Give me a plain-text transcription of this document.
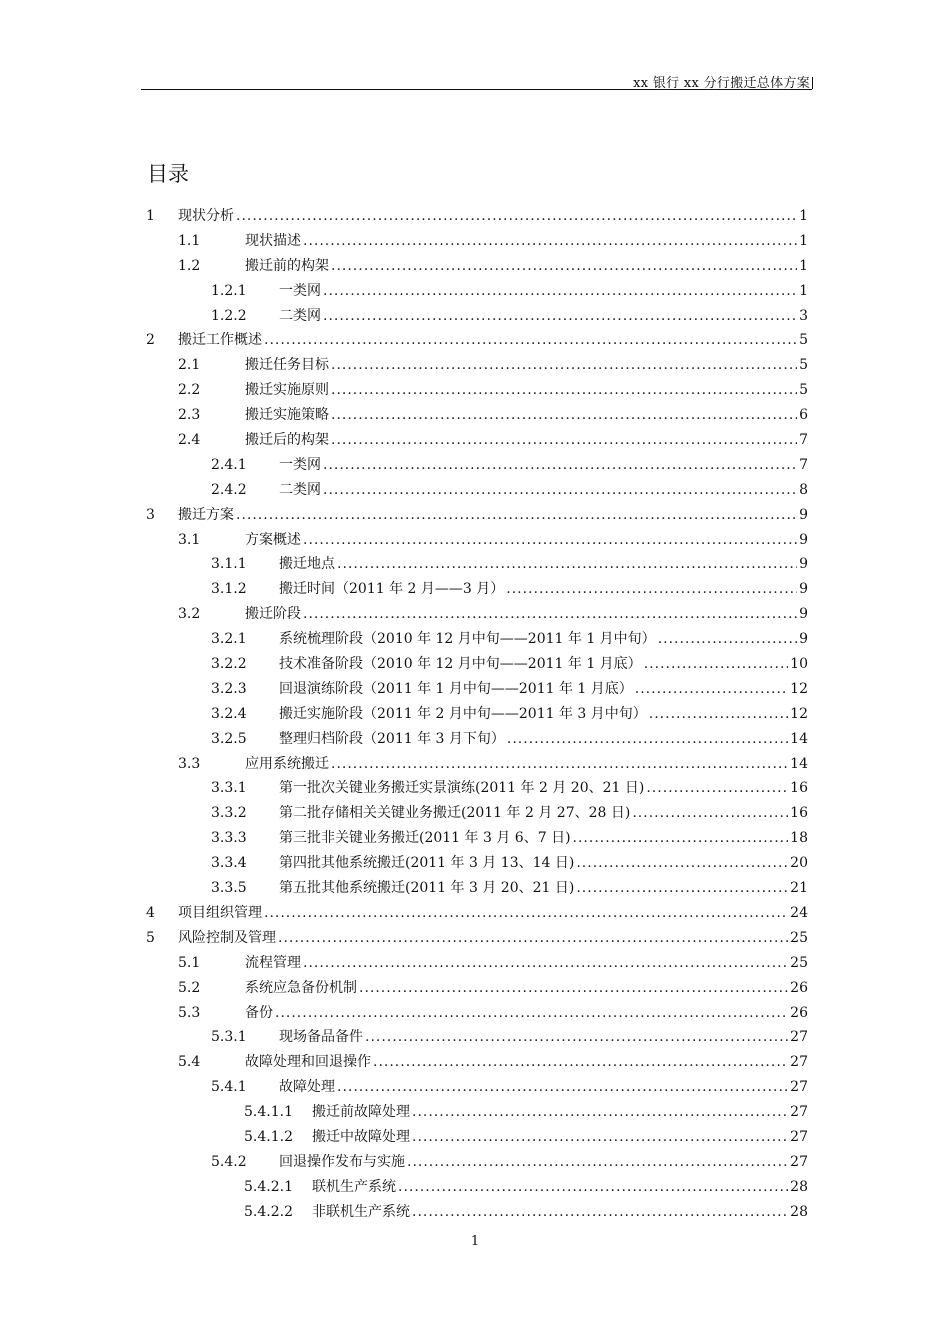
xx 银行 xx 分行搬迁总体方案
目录
1	现状分析 .....	1
1.1	现状描述 .....	1
1.2	搬迁前的构架 .....	1
1.2.1	一类网 .....	1
1.2.2	二类网 .....	3
2	搬迁工作概述 .....	5
2.1	搬迁任务目标 .....	5
2.2	搬迁实施原则 .....	5
2.3	搬迁实施策略 .....	6
2.4	搬迁后的构架 .....	7
2.4.1	一类网 .....	7
2.4.2	二类网 .....	8
3	搬迁方案 .....	9
3.1	方案概述 .....	9
3.1.1	搬迁地点 .....	9
3.1.2	搬迁时间（2011 年 2 月——3 月） .....	9
3.2	搬迁阶段 .....	9
3.2.1	系统梳理阶段（2010 年 12 月中旬——2011 年 1 月中旬） .....	9
3.2.2	技术准备阶段（2010 年 12 月中旬——2011 年 1 月底） .....	10
3.2.3	回退演练阶段（2011 年 1 月中旬——2011 年 1 月底） .....	12
3.2.4	搬迁实施阶段（2011 年 2 月中旬——2011 年 3 月中旬） .....	12
3.2.5	整理归档阶段（2011 年 3 月下旬） .....	14
3.3	应用系统搬迁 .....	14
3.3.1	第一批次关键业务搬迁实景演练(2011 年 2 月 20、21 日) .....	16
3.3.2	第二批存储相关关键业务搬迁(2011 年 2 月 27、28 日) .....	16
3.3.3	第三批非关键业务搬迁(2011 年 3 月 6、7 日) .....	18
3.3.4	第四批其他系统搬迁(2011 年 3 月 13、14 日) .....	20
3.3.5	第五批其他系统搬迁(2011 年 3 月 20、21 日) .....	21
4	项目组织管理 .....	24
5	风险控制及管理 .....	25
5.1	流程管理 .....	25
5.2	系统应急备份机制 .....	26
5.3	备份 .....	26
5.3.1	现场备品备件 .....	27
5.4	故障处理和回退操作 .....	27
5.4.1	故障处理 .....	27
5.4.1.1	搬迁前故障处理 .....	27
5.4.1.2	搬迁中故障处理 .....	27
5.4.2	回退操作发布与实施 .....	27
5.4.2.1	联机生产系统 .....	28
5.4.2.2	非联机生产系统 .....	28
1
